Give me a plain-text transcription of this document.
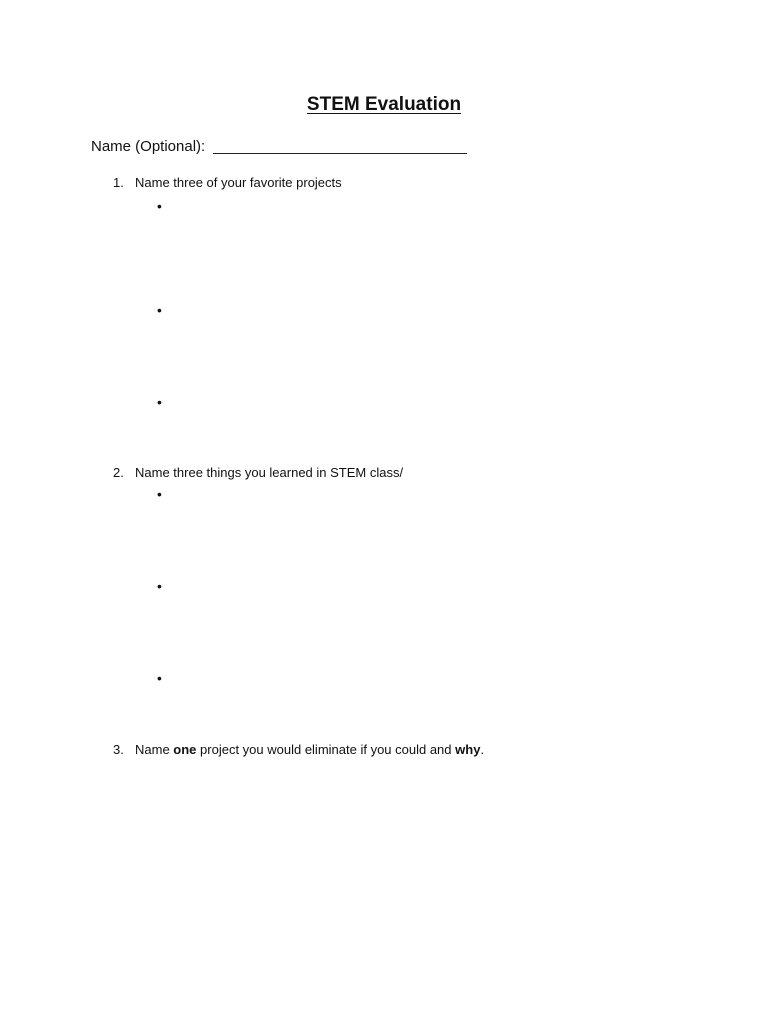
STEM Evaluation
Name (Optional):
1. Name three of your favorite projects
•
•
•
2. Name three things you learned in STEM class/
•
•
•
3. Name one project you would eliminate if you could and why.
